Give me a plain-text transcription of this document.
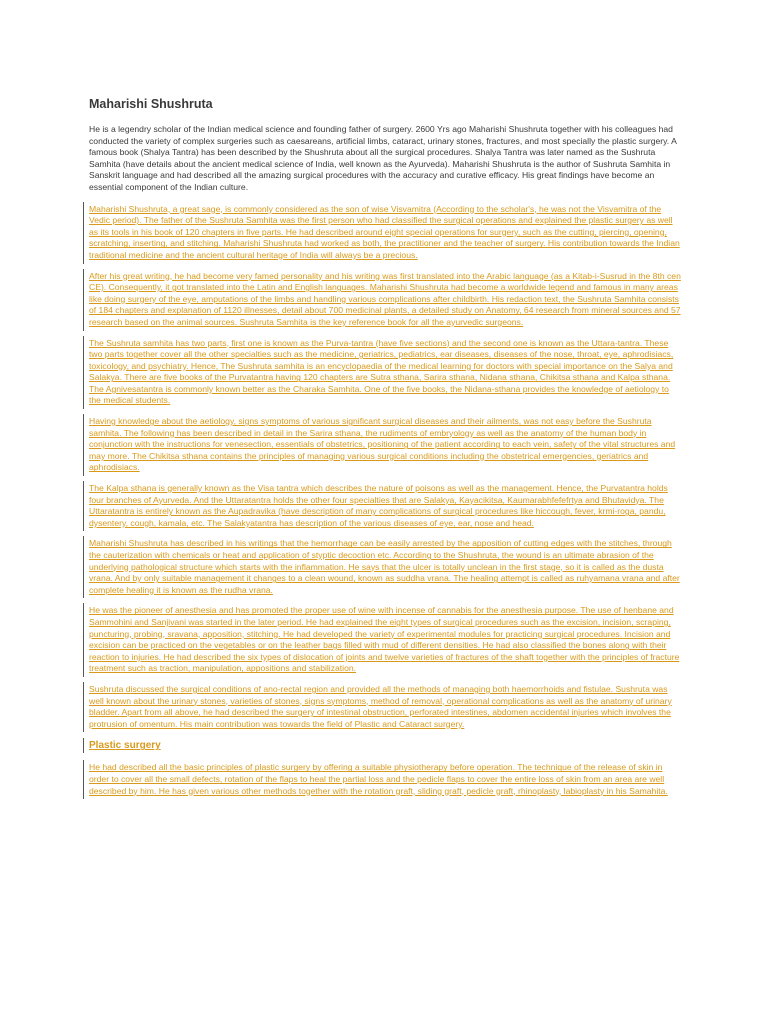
Maharishi Shushruta
He is a legendry scholar of the Indian medical science and founding father of surgery. 2600 Yrs ago Maharishi Shushruta together with his colleagues had conducted the variety of complex surgeries such as caesareans, artificial limbs, cataract, urinary stones, fractures, and most specially the plastic surgery. A famous book (Shalya Tantra) has been described by the Shushruta about all the surgical procedures. Shalya Tantra was later named as the Sushruta Samhita (have details about the ancient medical science of India, well known as the Ayurveda). Maharishi Shushruta is the author of Sushruta Samhita in Sanskrit language and had described all the amazing surgical procedures with the accuracy and curative efficacy. His great findings have become an essential component of the Indian culture.
Maharishi Shushruta, a great sage, is commonly considered as the son of wise Visvamitra (According to the scholar's, he was not the Visvamitra of the Vedic period). The father of the Sushruta Samhita was the first person who had classified the surgical operations and explained the plastic surgery as well as its tools in his book of 120 chapters in five parts. He had described around eight special operations for surgery, such as the cutting, piercing, opening, scratching, inserting, and stitching. Maharishi Shushruta had worked as both, the practitioner and the teacher of surgery. His contribution towards the Indian traditional medicine and the ancient cultural heritage of India will always be a precious.
After his great writing, he had become very famed personality and his writing was first translated into the Arabic language (as a Kitab-i-Susrud in the 8th cen CE). Consequently, it got translated into the Latin and English languages. Maharishi Shushruta had become a worldwide legend and famous in many areas like doing surgery of the eye, amputations of the limbs and handling various complications after childbirth. His redaction text, the Sushruta Samhita consists of 184 chapters and explanation of 1120 illnesses, detail about 700 medicinal plants, a detailed study on Anatomy, 64 research from mineral sources and 57 research based on the animal sources. Sushruta Samhita is the key reference book for all the ayurvedic surgeons.
The Sushruta samhita has two parts, first one is known as the Purva-tantra (have five sections) and the second one is known as the Uttara-tantra. These two parts together cover all the other specialties such as the medicine, geriatrics, pediatrics, ear diseases, diseases of the nose, throat, eye, aphrodisiacs, toxicology, and psychiatry. Hence, The Sushruta samhita is an encyclopaedia of the medical learning for doctors with special importance on the Salya and Salakya. There are five books of the Purvatantra having 120 chapters are Sutra sthana, Sarira sthana, Nidana sthana, Chikitsa sthana and Kalpa sthana. The Agnivesatantra is commonly known better as the Charaka Samhita. One of the five books, the Nidana-sthana provides the knowledge of aetiology to the medical students.
Having knowledge about the aetiology, signs symptoms of various significant surgical diseases and their ailments, was not easy before the Sushruta samhita. The following has been described in detail in the Sarira sthana, the rudiments of embryology as well as the anatomy of the human body in conjunction with the instructions for venesection, essentials of obstetrics, positioning of the patient according to each vein, safety of the vital structures and may more. The Chikitsa sthana contains the principles of managing various surgical conditions including the obstetrical emergencies, geriatrics and aphrodisiacs.
The Kalpa sthana is generally known as the Visa tantra which describes the nature of poisons as well as the management. Hence, the Purvatantra holds four branches of Ayurveda. And the Uttaratantra holds the other four specialties that are Salakya, Kayacikitsa, Kaumarabhfefefrtya and Bhutavidya. The Uttaratantra is entirely known as the Aupadravika (have description of many complications of surgical procedures like hiccough, fever, krmi-roga, pandu, dysentery, cough, kamala, etc. The Salakyatantra has description of the various diseases of eye, ear, nose and head.
Maharishi Shushruta has described in his writings that the hemorrhage can be easily arrested by the apposition of cutting edges with the stitches, through the cauterization with chemicals or heat and application of styptic decoction etc. According to the Shushruta, the wound is an ultimate abrasion of the underlying pathological structure which starts with the inflammation. He says that the ulcer is totally unclean in the first stage, so it is called as the dusta vrana. And by only suitable management it changes to a clean wound, known as suddha vrana. The healing attempt is called as ruhyamana vrana and after complete healing it is known as the rudha vrana.
He was the pioneer of anesthesia and has promoted the proper use of wine with incense of cannabis for the anesthesia purpose. The use of henbane and Sammohini and Sanjivani was started in the later period. He had explained the eight types of surgical procedures such as the excision, incision, scraping, puncturing, probing, sravana, apposition, stitching. He had developed the variety of experimental modules for practicing surgical procedures. Incision and excision can be practiced on the vegetables or on the leather bags filled with mud of different densities. He had also classified the bones along with their reaction to injuries. He had described the six types of dislocation of joints and twelve varieties of fractures of the shaft together with the principles of fracture treatment such as traction, manipulation, appositions and stabilization.
Sushruta discussed the surgical conditions of ano-rectal region and provided all the methods of managing both haemorrhoids and fistulae. Sushruta was well known about the urinary stones, varieties of stones, signs symptoms, method of removal, operational complications as well as the anatomy of urinary bladder. Apart from all above, he had described the surgery of intestinal obstruction, perforated intestines, abdomen accidental injuries which involves the protrusion of omentum. His main contribution was towards the field of Plastic and Cataract surgery.
Plastic surgery
He had described all the basic principles of plastic surgery by offering a suitable physiotherapy before operation. The technique of the release of skin in order to cover all the small defects, rotation of the flaps to heal the partial loss and the pedicle flaps to cover the entire loss of skin from an area are well described by him. He has given various other methods together with the rotation graft, sliding graft, pedicle graft, rhinoplasty, labioplasty in his Samahita.
